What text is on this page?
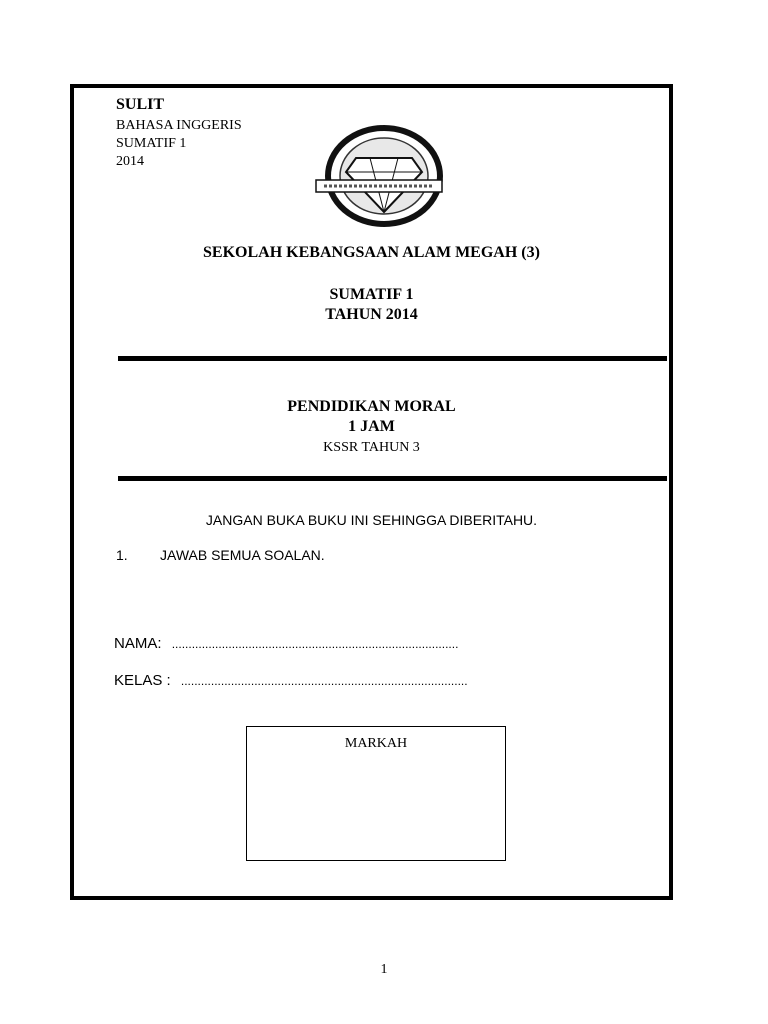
SULIT
BAHASA INGGERIS
SUMATIF 1
2014
SEKOLAH KEBANGSAAN ALAM MEGAH (3)
SUMATIF 1
TAHUN 2014
PENDIDIKAN MORAL
1 JAM
KSSR TAHUN 3
JANGAN BUKA BUKU INI SEHINGGA DIBERITAHU.
1. JAWAB SEMUA SOALAN.
NAMA: ......................................................................................
KELAS : ......................................................................................
MARKAH
1
